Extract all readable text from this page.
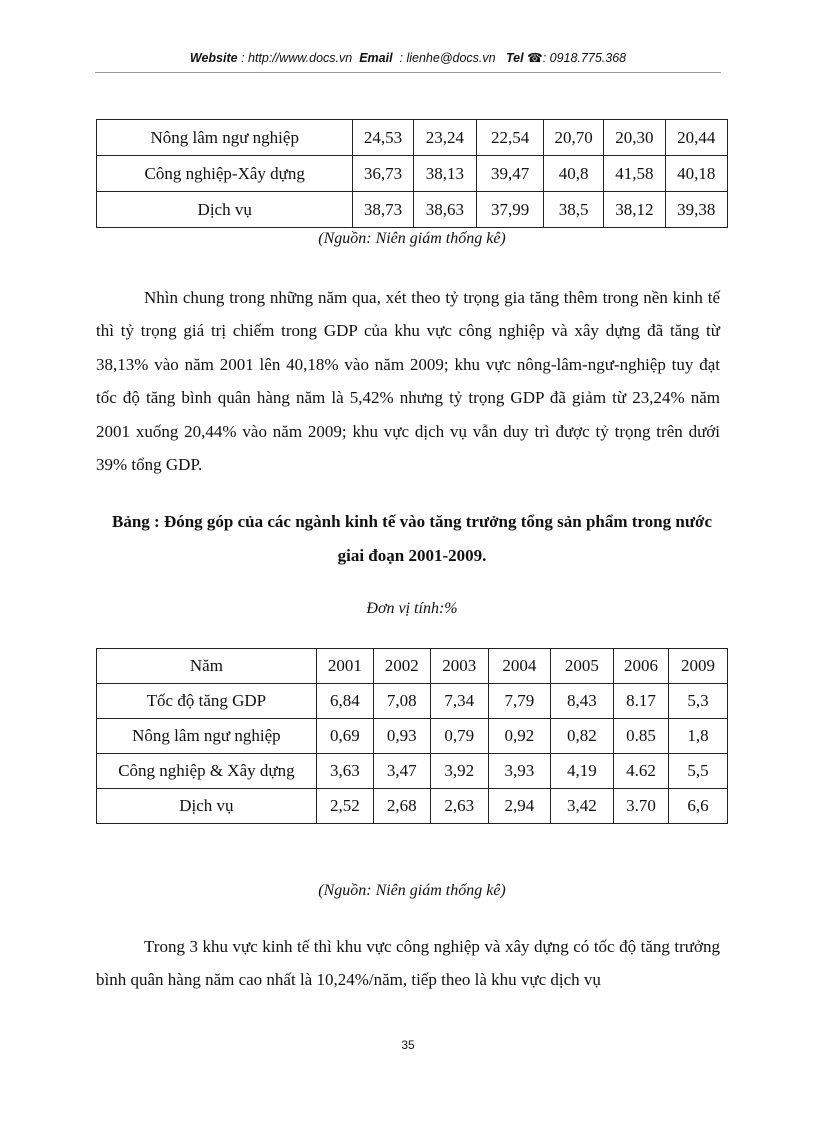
Website : http://www.docs.vn Email : lienhe@docs.vn Tel ☎: 0918.775.368
Nông lâm ngư nghiệp	24,53	23,24	22,54	20,70	20,30	20,44
Công nghiệp-Xây dựng	36,73	38,13	39,47	40,8	41,58	40,18
Dịch vụ	38,73	38,63	37,99	38,5	38,12	39,38
(Nguồn: Niên giám thống kê)

Nhìn chung trong những năm qua, xét theo tỷ trọng gia tăng thêm trong nền kinh tế thì tỷ trọng giá trị chiếm trong GDP của khu vực công nghiệp và xây dựng đã tăng từ 38,13% vào năm 2001 lên 40,18% vào năm 2009; khu vực nông-lâm-ngư-nghiệp tuy đạt tốc độ tăng bình quân hàng năm là 5,42% nhưng tỷ trọng GDP đã giảm từ 23,24% năm 2001 xuống 20,44% vào năm 2009; khu vực dịch vụ vẫn duy trì được tỷ trọng trên dưới 39% tổng GDP.

Bảng : Đóng góp của các ngành kinh tế vào tăng trưởng tổng sản phẩm trong nước giai đoạn 2001-2009.

Đơn vị tính:%
Năm	2001	2002	2003	2004	2005	2006	2009
Tốc độ tăng GDP	6,84	7,08	7,34	7,79	8,43	8.17	5,3
Nông lâm ngư nghiệp	0,69	0,93	0,79	0,92	0,82	0.85	1,8
Công nghiệp & Xây dựng	3,63	3,47	3,92	3,93	4,19	4.62	5,5
Dịch vụ	2,52	2,68	2,63	2,94	3,42	3.70	6,6
(Nguồn: Niên giám thống kê)

Trong 3 khu vực kinh tế thì khu vực công nghiệp và xây dựng có tốc độ tăng trưởng bình quân hàng năm cao nhất là 10,24%/năm, tiếp theo là khu vực dịch vụ

35
